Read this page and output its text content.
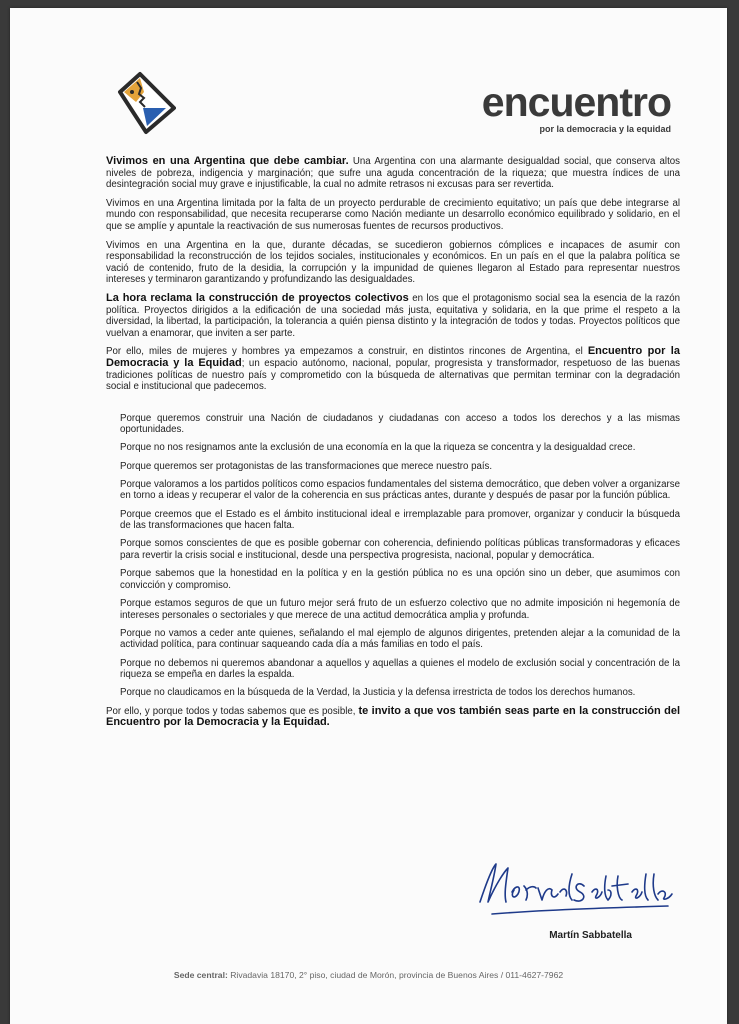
encuentro
por la democracia y la equidad

Vivimos en una Argentina que debe cambiar. Una Argentina con una alarmante desigualdad social, que conserva altos niveles de pobreza, indigencia y marginación; que sufre una aguda concentración de la riqueza; que muestra índices de una desintegración social muy grave e injustificable, la cual no admite retrasos ni excusas para ser revertida.

Vivimos en una Argentina limitada por la falta de un proyecto perdurable de crecimiento equitativo; un país que debe integrarse al mundo con responsabilidad, que necesita recuperarse como Nación mediante un desarrollo económico equilibrado y solidario, en el que se amplíe y apuntale la reactivación de sus numerosas fuentes de recursos productivos.

Vivimos en una Argentina en la que, durante décadas, se sucedieron gobiernos cómplices e incapaces de asumir con responsabilidad la reconstrucción de los tejidos sociales, institucionales y económicos. En un país en el que la palabra política se vació de contenido, fruto de la desidia, la corrupción y la impunidad de quienes llegaron al Estado para representar nuestros intereses y terminaron garantizando y profundizando las desigualdades.

La hora reclama la construcción de proyectos colectivos en los que el protagonismo social sea la esencia de la razón política. Proyectos dirigidos a la edificación de una sociedad más justa, equitativa y solidaria, en la que prime el respeto a la diversidad, la libertad, la participación, la tolerancia a quién piensa distinto y la integración de todos y todas. Proyectos políticos que vuelvan a enamorar, que inviten a ser parte.

Por ello, miles de mujeres y hombres ya empezamos a construir, en distintos rincones de Argentina, el Encuentro por la Democracia y la Equidad; un espacio autónomo, nacional, popular, progresista y transformador, respetuoso de las buenas tradiciones políticas de nuestro país y comprometido con la búsqueda de alternativas que permitan terminar con la degradación social e institucional que padecemos.

Porque queremos construir una Nación de ciudadanos y ciudadanas con acceso a todos los derechos y a las mismas oportunidades.

Porque no nos resignamos ante la exclusión de una economía en la que la riqueza se concentra y la desigualdad crece.

Porque queremos ser protagonistas de las transformaciones que merece nuestro país.

Porque valoramos a los partidos políticos como espacios fundamentales del sistema democrático, que deben volver a organizarse en torno a ideas y recuperar el valor de la coherencia en sus prácticas antes, durante y después de pasar por la función pública.

Porque creemos que el Estado es el ámbito institucional ideal e irremplazable para promover, organizar y conducir la búsqueda de las transformaciones que hacen falta.

Porque somos conscientes de que es posible gobernar con coherencia, definiendo políticas públicas transformadoras y eficaces para revertir la crisis social e institucional, desde una perspectiva progresista, nacional, popular y democrática.

Porque sabemos que la honestidad en la política y en la gestión pública no es una opción sino un deber, que asumimos con convicción y compromiso.

Porque estamos seguros de que un futuro mejor será fruto de un esfuerzo colectivo que no admite imposición ni hegemonía de intereses personales o sectoriales y que merece de una actitud democrática amplia y profunda.

Porque no vamos a ceder ante quienes, señalando el mal ejemplo de algunos dirigentes, pretenden alejar a la comunidad de la actividad política, para continuar saqueando cada día a más familias en todo el país.

Porque no debemos ni queremos abandonar a aquellos y aquellas a quienes el modelo de exclusión social y concentración de la riqueza se empeña en darles la espalda.

Porque no claudicamos en la búsqueda de la Verdad, la Justicia y la defensa irrestricta de todos los derechos humanos.

Por ello, y porque todos y todas sabemos que es posible, te invito a que vos también seas parte en la construcción del Encuentro por la Democracia y la Equidad.

Martín Sabbatella
Sede central: Rivadavia 18170, 2° piso, ciudad de Morón, provincia de Buenos Aires / 011-4627-7962
